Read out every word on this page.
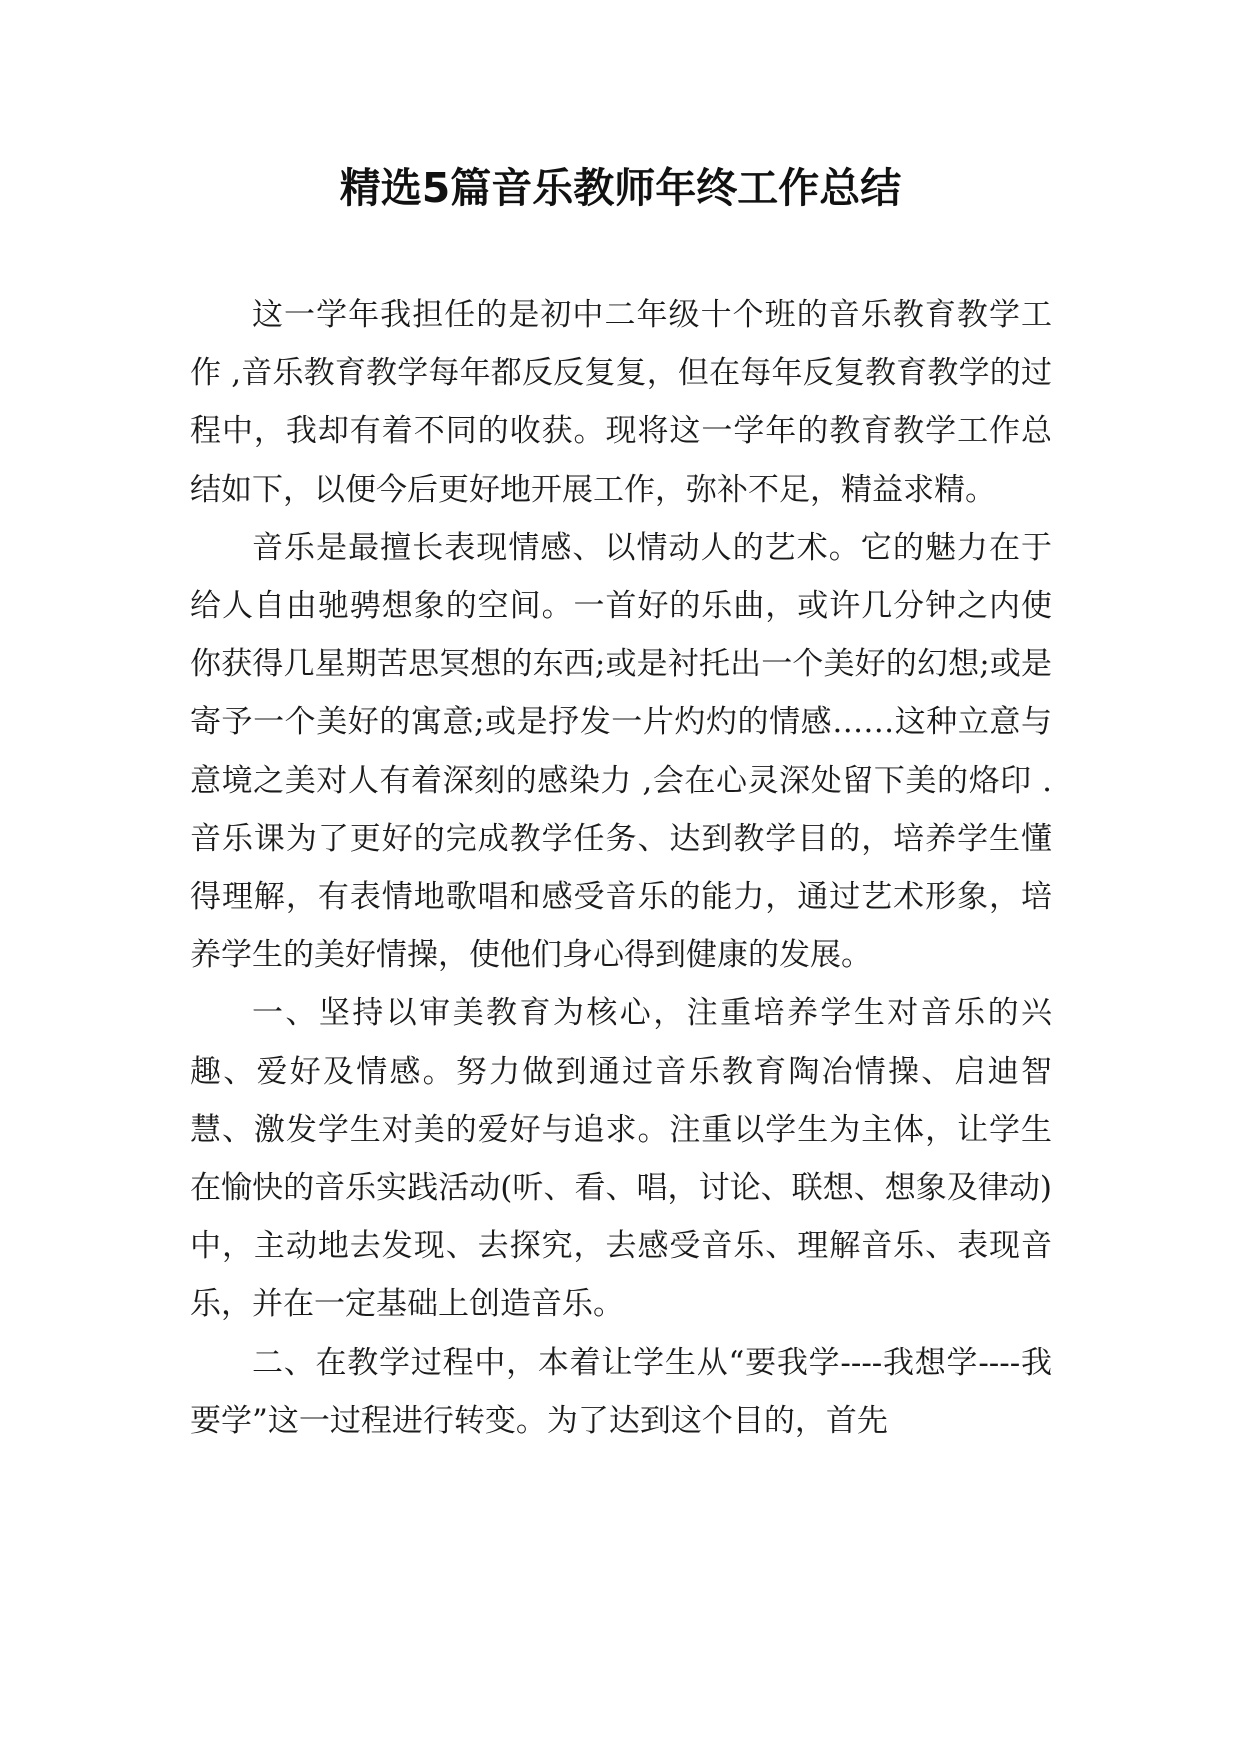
精选5篇音乐教师年终工作总结

这一学年我担任的是初中二年级十个班的音乐教育教学工作 ,音乐教育教学每年都反反复复，但在每年反复教育教学的过程中，我却有着不同的收获。现将这一学年的教育教学工作总结如下，以便今后更好地开展工作，弥补不足，精益求精。

音乐是最擅长表现情感、以情动人的艺术。它的魅力在于给人自由驰骋想象的空间。一首好的乐曲，或许几分钟之内使你获得几星期苦思冥想的东西;或是衬托出一个美好的幻想;或是寄予一个美好的寓意;或是抒发一片灼灼的情感……这种立意与意境之美对人有着深刻的感染力 ,会在心灵深处留下美的烙印 .音乐课为了更好的完成教学任务、达到教学目的，培养学生懂得理解，有表情地歌唱和感受音乐的能力，通过艺术形象，培养学生的美好情操，使他们身心得到健康的发展。

一、坚持以审美教育为核心，注重培养学生对音乐的兴趣、爱好及情感。努力做到通过音乐教育陶冶情操、启迪智慧、激发学生对美的爱好与追求。注重以学生为主体，让学生在愉快的音乐实践活动(听、看、唱，讨论、联想、想象及律动)中，主动地去发现、去探究，去感受音乐、理解音乐、表现音乐，并在一定基础上创造音乐。

二、在教学过程中，本着让学生从“要我学----我想学----我要学”这一过程进行转变。为了达到这个目的，首先
